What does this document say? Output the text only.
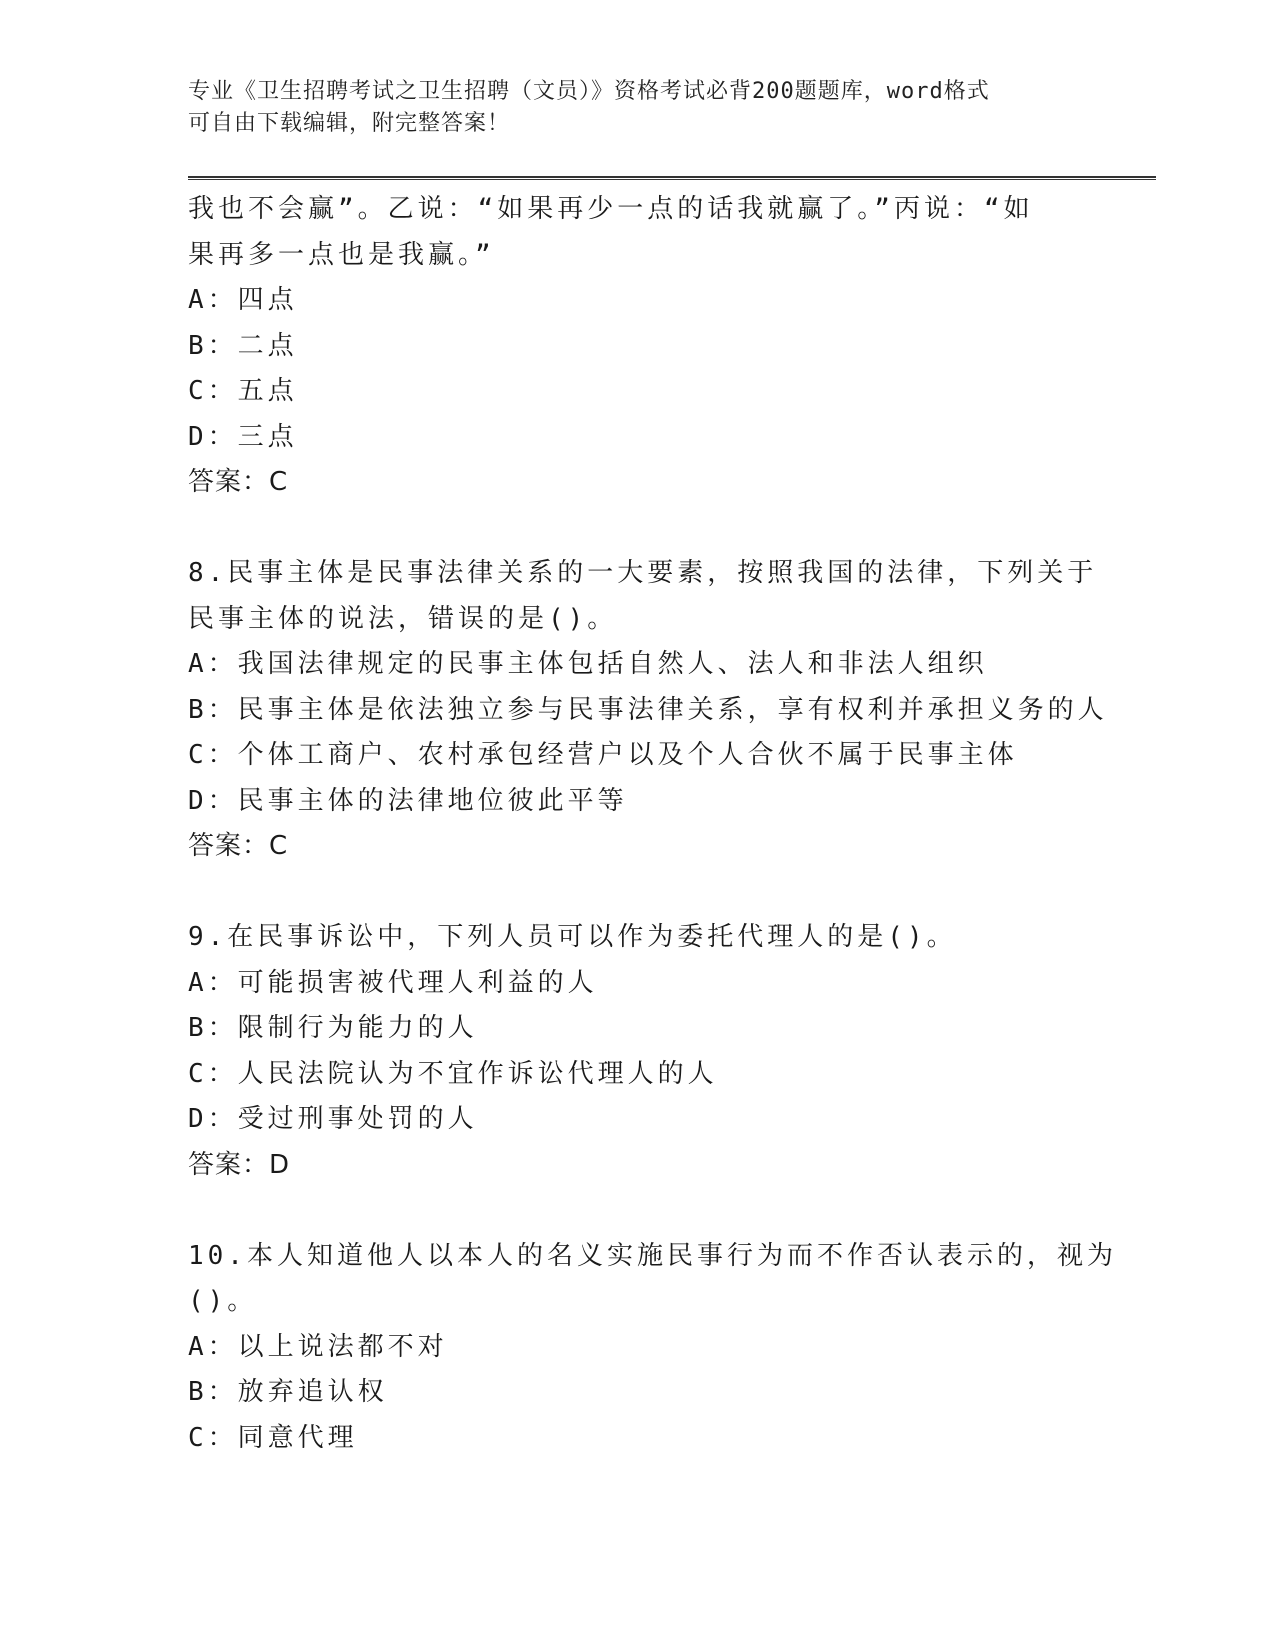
专业《卫生招聘考试之卫生招聘（文员）》资格考试必背200题题库，word格式
可自由下载编辑，附完整答案！
我也不会赢”。乙说：“如果再少一点的话我就赢了。”丙说：“如
果再多一点也是我赢。”
A：四点
B：二点
C：五点
D：三点
答案：C
8.民事主体是民事法律关系的一大要素，按照我国的法律，下列关于
民事主体的说法，错误的是()。
A：我国法律规定的民事主体包括自然人、法人和非法人组织
B：民事主体是依法独立参与民事法律关系，享有权利并承担义务的人
C：个体工商户、农村承包经营户以及个人合伙不属于民事主体
D：民事主体的法律地位彼此平等
答案：C
9.在民事诉讼中，下列人员可以作为委托代理人的是()。
A：可能损害被代理人利益的人
B：限制行为能力的人
C：人民法院认为不宜作诉讼代理人的人
D：受过刑事处罚的人
答案：D
10.本人知道他人以本人的名义实施民事行为而不作否认表示的，视为
()。
A：以上说法都不对
B：放弃追认权
C：同意代理
